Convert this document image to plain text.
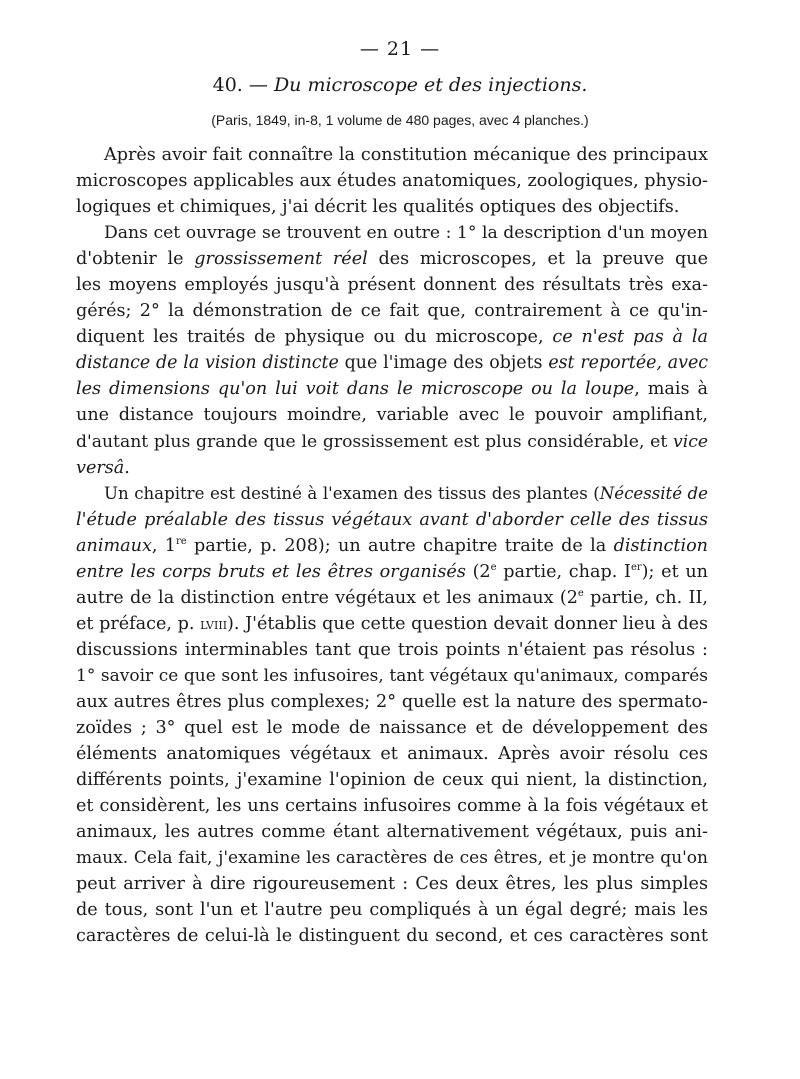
— 21 —
40. — Du microscope et des injections.
(Paris, 1849, in-8, 1 volume de 480 pages, avec 4 planches.)
Après avoir fait connaître la constitution mécanique des principaux
microscopes applicables aux études anatomiques, zoologiques, physio-
logiques et chimiques, j'ai décrit les qualités optiques des objectifs.
Dans cet ouvrage se trouvent en outre : 1° la description d'un moyen
d'obtenir le grossissement réel des microscopes, et la preuve que
les moyens employés jusqu'à présent donnent des résultats très exa-
gérés; 2° la démonstration de ce fait que, contrairement à ce qu'in-
diquent les traités de physique ou du microscope, ce n'est pas à la
distance de la vision distincte que l'image des objets est reportée, avec
les dimensions qu'on lui voit dans le microscope ou la loupe, mais à
une distance toujours moindre, variable avec le pouvoir amplifiant,
d'autant plus grande que le grossissement est plus considérable, et vice
versâ.
Un chapitre est destiné à l'examen des tissus des plantes (Nécessité de
l'étude préalable des tissus végétaux avant d'aborder celle des tissus
animaux, 1re partie, p. 208); un autre chapitre traite de la distinction
entre les corps bruts et les êtres organisés (2e partie, chap. Ier); et un
autre de la distinction entre végétaux et les animaux (2e partie, ch. II,
et préface, p. lviii). J'établis que cette question devait donner lieu à des
discussions interminables tant que trois points n'étaient pas résolus :
1° savoir ce que sont les infusoires, tant végétaux qu'animaux, comparés
aux autres êtres plus complexes; 2° quelle est la nature des spermato-
zoïdes ; 3° quel est le mode de naissance et de développement des
éléments anatomiques végétaux et animaux. Après avoir résolu ces
différents points, j'examine l'opinion de ceux qui nient, la distinction,
et considèrent, les uns certains infusoires comme à la fois végétaux et
animaux, les autres comme étant alternativement végétaux, puis ani-
maux. Cela fait, j'examine les caractères de ces êtres, et je montre qu'on
peut arriver à dire rigoureusement : Ces deux êtres, les plus simples
de tous, sont l'un et l'autre peu compliqués à un égal degré; mais les
caractères de celui-là le distinguent du second, et ces caractères sont
